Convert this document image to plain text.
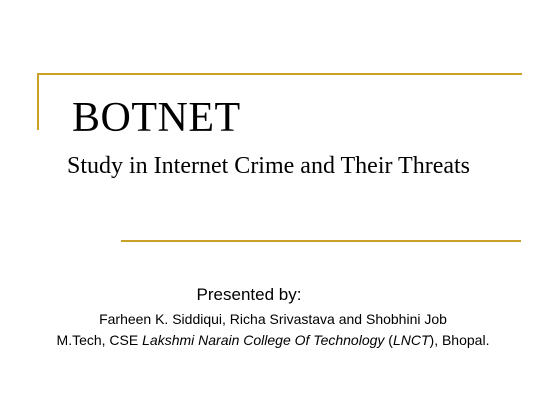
BOTNET
Study in Internet Crime and Their Threats
Presented by:
Farheen K. Siddiqui, Richa Srivastava and Shobhini Job
M.Tech, CSE Lakshmi Narain College Of Technology (LNCT), Bhopal.
